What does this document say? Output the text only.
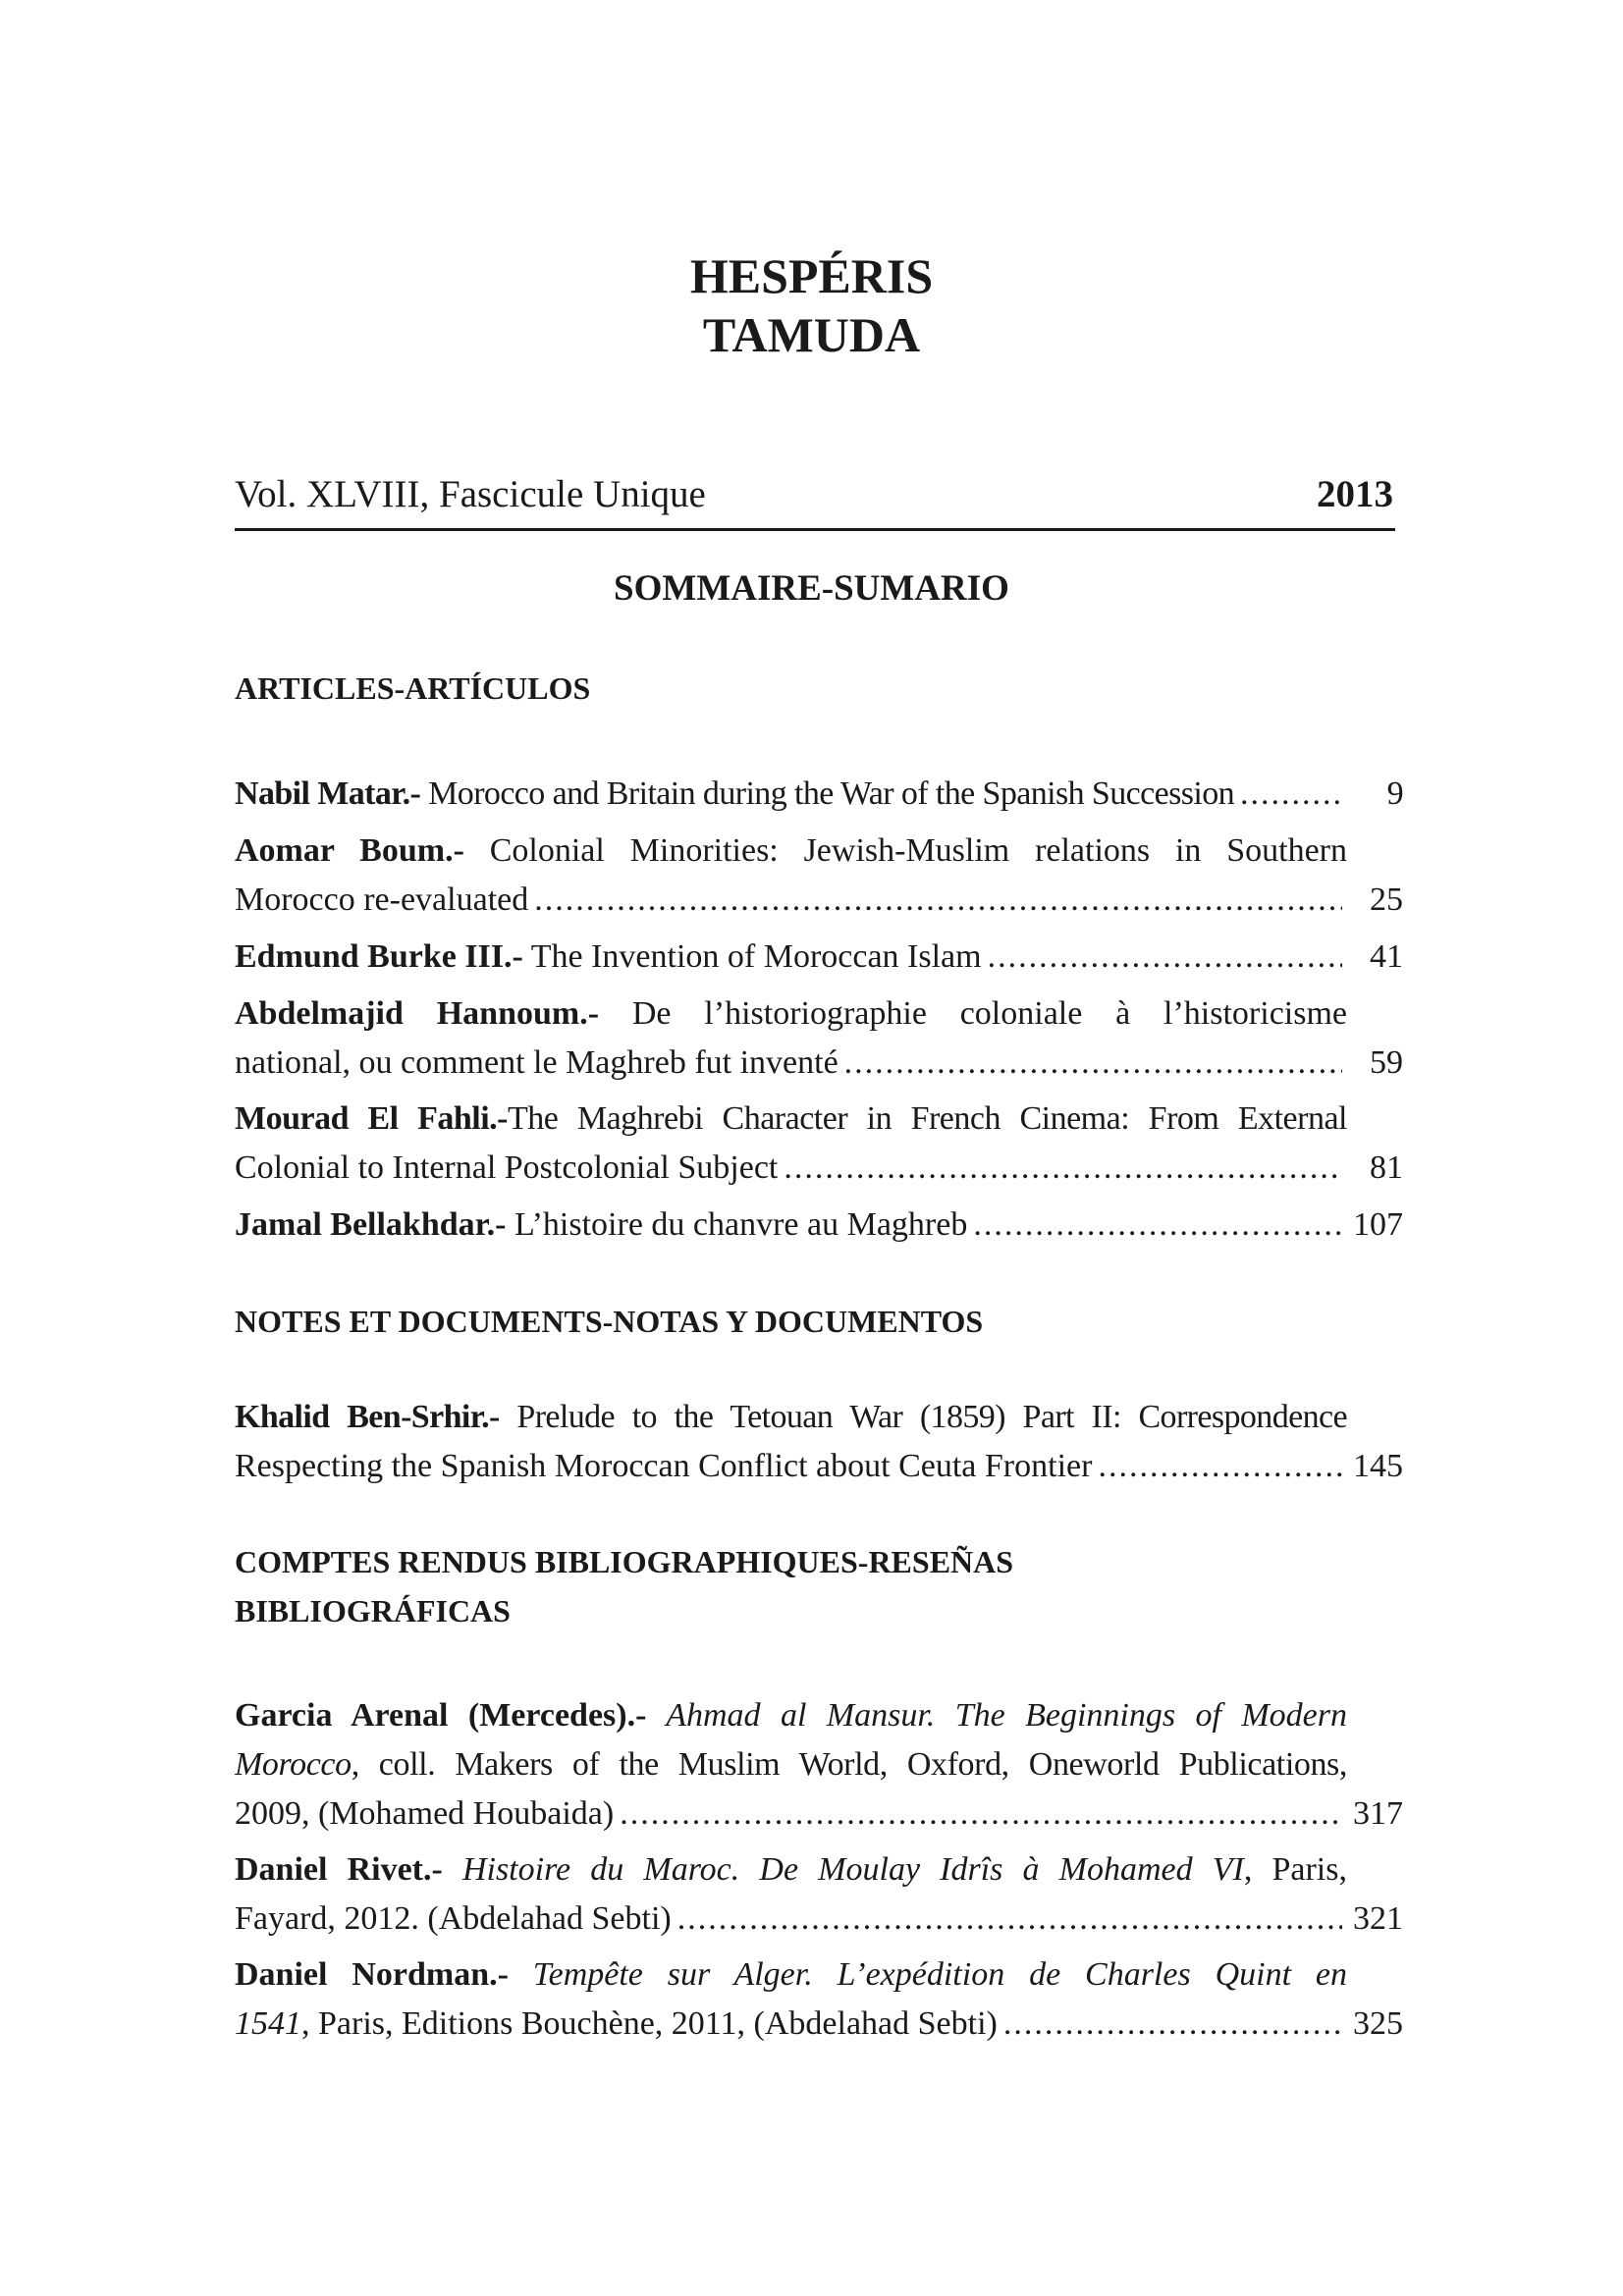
HESPÉRIS
TAMUDA
Vol. XLVIII, Fascicule Unique	2013
SOMMAIRE-SUMARIO
ARTICLES-ARTÍCULOS
Nabil Matar.- Morocco and Britain during the War of the Spanish Succession .....	9
Aomar Boum.- Colonial Minorities: Jewish-Muslim relations in Southern
Morocco re-evaluated .....	25
Edmund Burke III.- The Invention of Moroccan Islam .....	41
Abdelmajid Hannoum.- De l’historiographie coloniale à l’historicisme
national, ou comment le Maghreb fut inventé .....	59
Mourad El Fahli.-The Maghrebi Character in French Cinema: From External
Colonial to Internal Postcolonial Subject .....	81
Jamal Bellakhdar.- L’histoire du chanvre au Maghreb .....	107
NOTES ET DOCUMENTS-NOTAS Y DOCUMENTOS
Khalid Ben-Srhir.- Prelude to the Tetouan War (1859) Part II: Correspondence
Respecting the Spanish Moroccan Conflict about Ceuta Frontier .....	145
COMPTES RENDUS BIBLIOGRAPHIQUES-RESEÑAS
BIBLIOGRÁFICAS
Garcia Arenal (Mercedes).- Ahmad al Mansur. The Beginnings of Modern
Morocco, coll. Makers of the Muslim World, Oxford, Oneworld Publications,
2009, (Mohamed Houbaida) .....	317
Daniel Rivet.- Histoire du Maroc. De Moulay Idrîs à Mohamed VI, Paris,
Fayard, 2012. (Abdelahad Sebti) .....	321
Daniel Nordman.- Tempête sur Alger. L’expédition de Charles Quint en
1541, Paris, Editions Bouchène, 2011, (Abdelahad Sebti) .....	325
